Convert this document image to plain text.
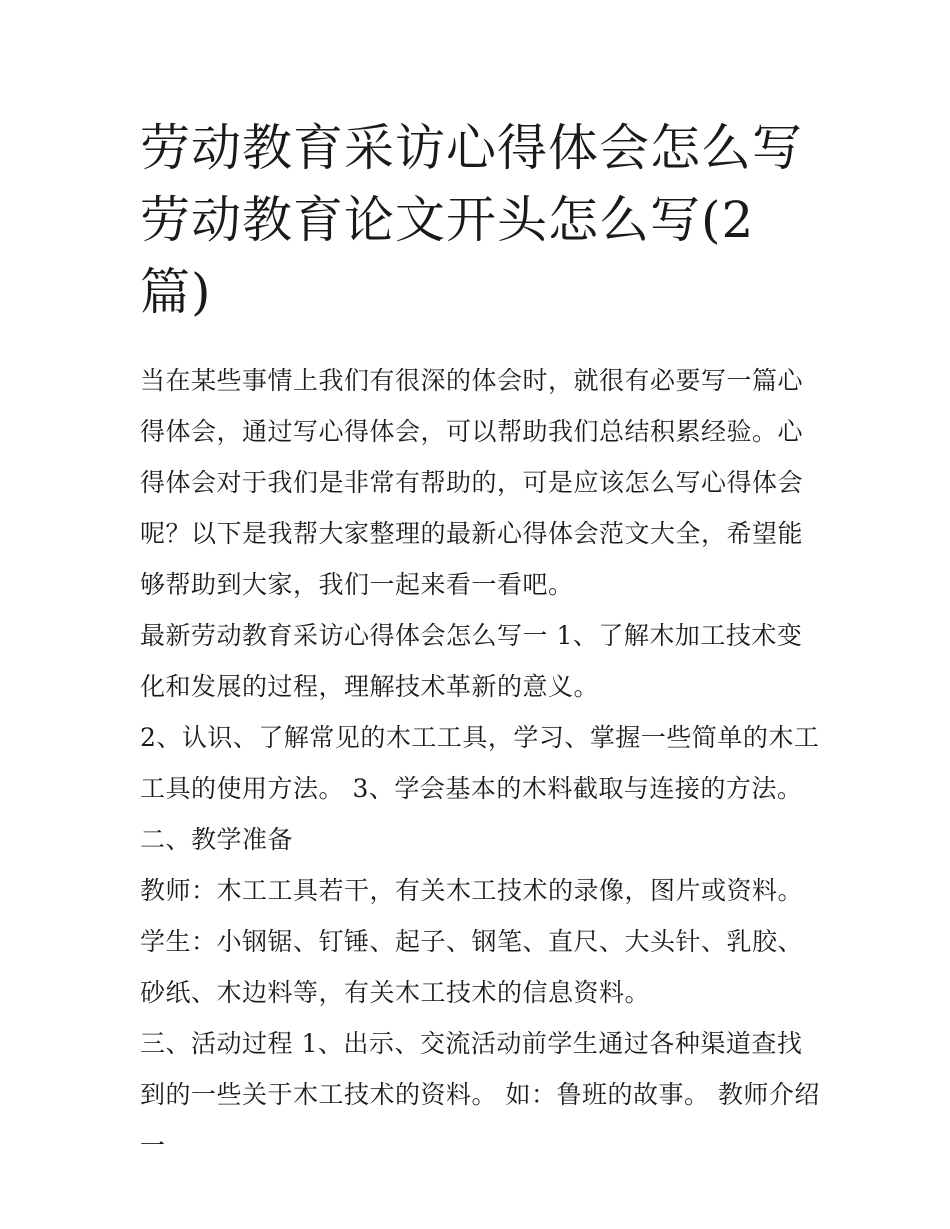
劳动教育采访心得体会怎么写 劳动教育论文开头怎么写(2篇)

当在某些事情上我们有很深的体会时，就很有必要写一篇心得体会，通过写心得体会，可以帮助我们总结积累经验。心得体会对于我们是非常有帮助的，可是应该怎么写心得体会呢？以下是我帮大家整理的最新心得体会范文大全，希望能够帮助到大家，我们一起来看一看吧。

最新劳动教育采访心得体会怎么写一 1、了解木加工技术变化和发展的过程，理解技术革新的意义。

2、认识、了解常见的木工工具，学习、掌握一些简单的木工工具的使用方法。 3、学会基本的木料截取与连接的方法。

二、教学准备

教师：木工工具若干，有关木工技术的录像，图片或资料。

学生：小钢锯、钉锤、起子、钢笔、直尺、大头针、乳胶、砂纸、木边料等，有关木工技术的信息资料。

三、活动过程 1、出示、交流活动前学生通过各种渠道查找到的一些关于木工技术的资料。 如：鲁班的故事。 教师介绍一
